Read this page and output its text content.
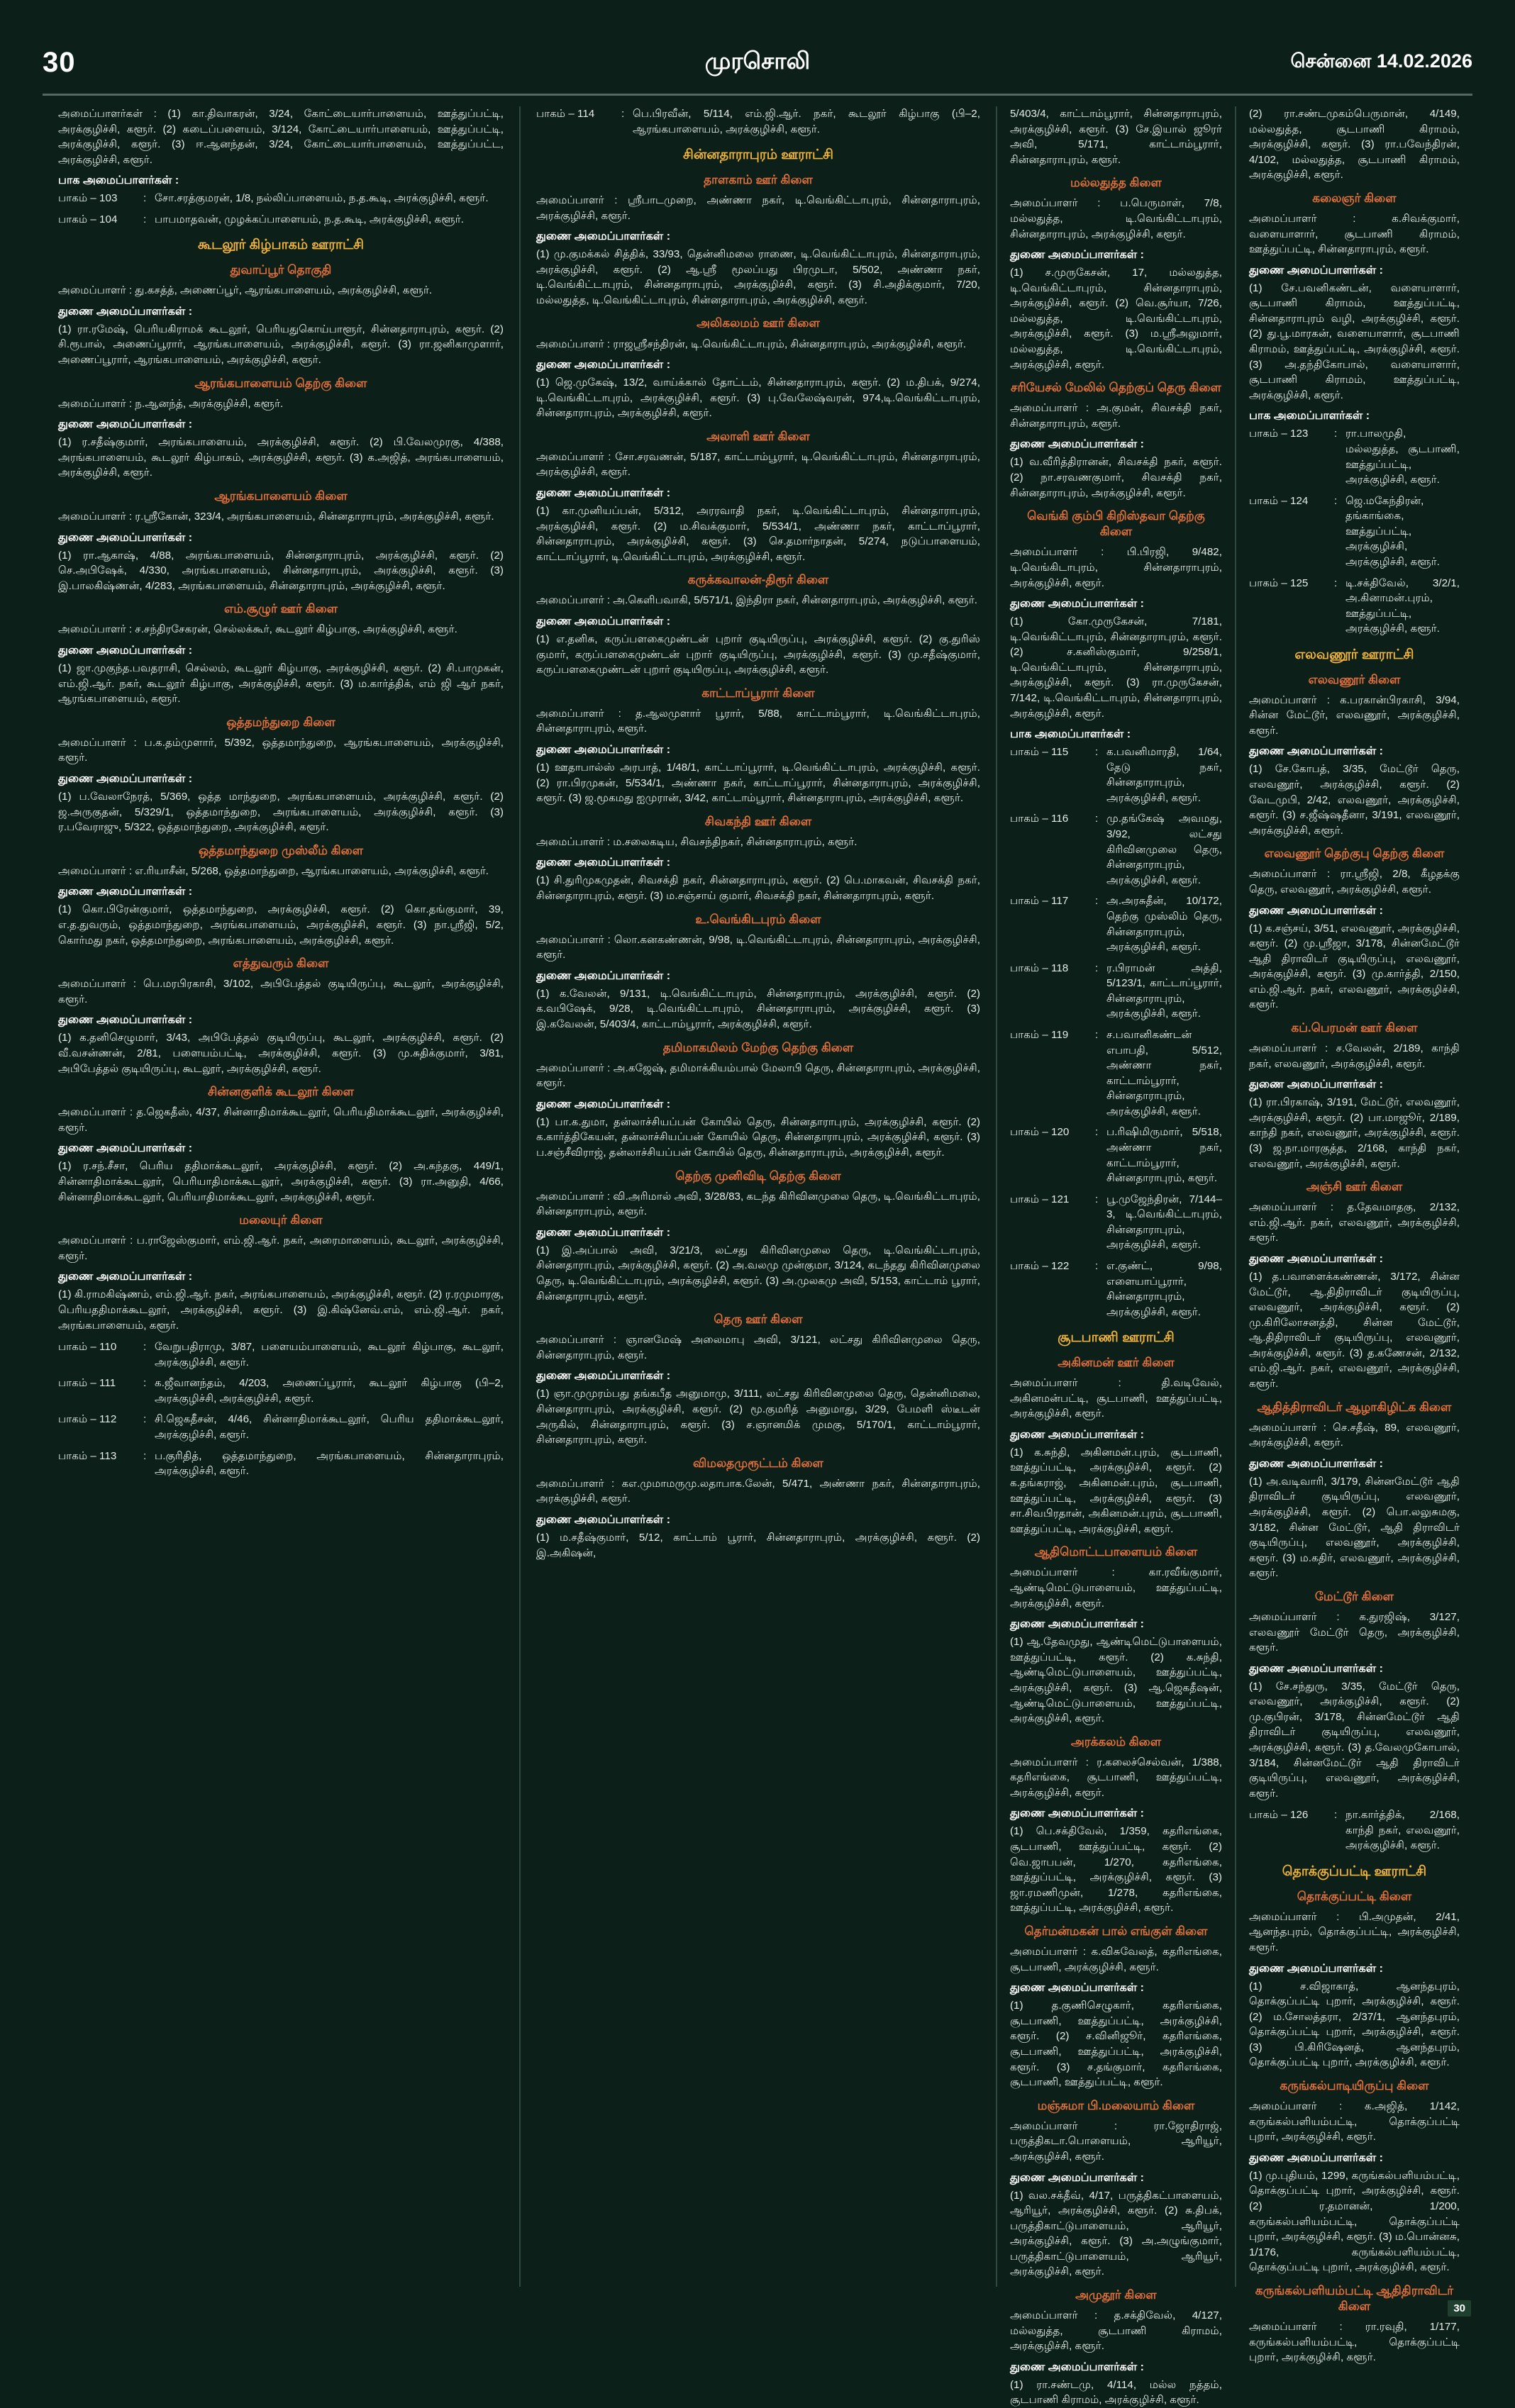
30	முரசொலி	சென்னை 14.02.2026

அமைப்பாளர்கள் : (1) கா.திவாகரன், 3/24, கோட்டையார்பாளையம், ஊத்துப்பட்டி, அரக்குழிச்சி, களூர். (2) கடைப்பளையம், 3/124, கோட்டையார்பாளையம், ஊத்துப்பட்டி, அரக்குழிச்சி, களூர். (3) ஈ.ஆனந்தன், 3/24, கோட்டையார்பாளையம், ஊத்துப்பட்ட, அரக்குழிச்சி, களூர்.

பாக அமைப்பாளர்கள் :
பாகம் – 103	: சோ.சரத்குமரன், 1/8, நல்லிப்பாளையம், ந.த.கூடி, அரக்குழிச்சி, களூர்.
பாகம் – 104	: பாபமாதவன், முழக்கப்பாளையம், ந.த.கூடி, அரக்குழிச்சி, களூர்.
கூடலூர் கிழ்பாகம் ஊராட்சி
துவாப்பூர் தொகுதி

அமைப்பாளர் : து.கசத்த், அணைப்பூர், ஆரங்கபாளையம், அரக்குழிச்சி, களூர்.

துணை அமைப்பாளர்கள் :

(1) ரா.ரமேஷ், பெரியகிராமக் கூடலூர், பெரியதுகொய்பாளூர், சின்னதாராபுரம், களூர். (2) சி.ரூபால், அணைப்பூரார், ஆரங்கபாளையம், அரக்குழிச்சி, களூர். (3) ரா.ஜனிகாமுளார், அணைப்பூரார், ஆரங்கபாளையம், அரக்குழிச்சி, களூர்.

ஆரங்கபாளையம் தெற்கு கிளை

அமைப்பாளர் : ந.ஆனந்த், அரக்குழிச்சி, களூர்.

துணை அமைப்பாளர்கள் :

(1) ர.சதீஷ்குமார், அரங்கபாளையம், அரக்குழிச்சி, களூர். (2) பி.வேலமுரகு, 4/388, அரங்கபாளையம், கூடலூர் கிழ்பாகம், அரக்குழிச்சி, களூர். (3) க.அஜித், அரங்கபாளையம், அரக்குழிச்சி, களூர்.

ஆரங்கபாளையம் கிளை

அமைப்பாளர் : ர.ஸ்ரீகோன், 323/4, அரங்கபாளையம், சின்னதாராபுரம், அரக்குழிச்சி, களூர்.

துணை அமைப்பாளர்கள் :

(1) ரா.ஆகாஷ், 4/88, அரங்கபாளையம், சின்னதாராபுரம், அரக்குழிச்சி, களூர். (2) செ.அபிஷேக், 4/330, அரங்கபாளையம், சின்னதாராபுரம், அரக்குழிச்சி, களூர். (3) இ.பாலகிஷ்ணன், 4/283, அரங்கபாளையம், சின்னதாராபுரம், அரக்குழிச்சி, களூர்.

எம்.சூழுர் ஊர் கிளை

அமைப்பாளர் : ச.சந்திரசேகரன், செல்லக்கூர், கூடலூர் கிழ்பாகு, அரக்குழிச்சி, களூர்.

துணை அமைப்பாளர்கள் :

(1) ஜா.முகுந்த.பவதராசி, செல்லம், கூடலூர் கிழ்பாகு, அரக்குழிச்சி, களூர். (2) சி.பாமுகன், எம்.ஜி.ஆர். நகர், கூடலூர் கிழ்பாகு, அரக்குழிச்சி, களூர். (3) ம.கார்த்திக், எம் ஜி ஆர் நகர், ஆரங்கபாளையம், களூர்.

ஒத்தமந்துறை கிளை

அமைப்பாளர் : ப.க.தம்முளார், 5/392, ஒத்தமாந்துறை, ஆரங்கபாளையம், அரக்குழிச்சி, களூர்.

துணை அமைப்பாளர்கள் :

(1) ப.வேலாநேரத், 5/369, ஒத்த மாந்துறை, அரங்கபாளையம், அரக்குழிச்சி, களூர். (2) ஜ.அருகுதன், 5/329/1, ஒத்தமாந்துறை, அரங்கபாளையம், அரக்குழிச்சி, களூர். (3) ர.பவேராஜு, 5/322, ஒத்தமாந்துறை, அரக்குழிச்சி, களூர்.

ஒத்தமாந்துறை முஸ்லீம் கிளை

அமைப்பாளர் : எ.ரியாசீன், 5/268, ஒத்தமாந்துறை, ஆரங்கபாளையம், அரக்குழிச்சி, களூர்.

துணை அமைப்பாளர்கள் :

(1) கொ.பிரேன்குமார், ஒத்தமாந்துறை, அரக்குழிச்சி, களூர். (2) கொ.தங்குமார், 39, எ.த.துவரும், ஒத்தமாந்துறை, அரங்கபாளையம், அரக்குழிச்சி, களூர். (3) நா.ஸ்ரீஜி, 5/2, கொர்மது நகர், ஒத்தமாந்துறை, அரங்கபாளையம், அரக்குழிச்சி, களூர்.

எத்துவரும் கிளை

அமைப்பாளர் : பெ.மரபிரகாசி, 3/102, அபிபேத்தல் குடியிருப்பு, கூடலூர், அரக்குழிச்சி, களூர்.

துணை அமைப்பாளர்கள் :

(1) க.தனிசெழுமார், 3/43, அபிபேத்தல் குடியிருப்பு, கூடலூர், அரக்குழிச்சி, களூர். (2) வீ.வசன்ணன், 2/81, பளையம்பட்டி, அரக்குழிச்சி, களூர். (3) மு.சுதிக்குமார், 3/81, அபிபேத்தல் குடியிருப்பு, கூடலூர், அரக்குழிச்சி, களூர்.

சின்னகுளிக் கூடலூர் கிளை

அமைப்பாளர் : த.ஜெகதீஸ், 4/37, சின்னாதிமாக்கூடலூர், பெரியதிமாக்கூடலூர், அரக்குழிச்சி, களூர்.

துணை அமைப்பாளர்கள் :

(1) ர.சந்.சீசா, பெரிய ததிமாக்கூடலூர், அரக்குழிச்சி, களூர். (2) அ.கந்தகு, 449/1, சின்னாதிமாக்கூடலூர், பெரியாதிமாக்கூடலூர், அரக்குழிச்சி, களூர். (3) ரா.அனுதி, 4/66, சின்னாதிமாக்கூடலூர், பெரியாதிமாக்கூடலூர், அரக்குழிச்சி, களூர்.

மலையுர் கிளை

அமைப்பாளர் : ப.ராஜேஸ்குமார், எம்.ஜி.ஆர். நகர், அரைமாளையம், கூடலூர், அரக்குழிச்சி, களூர்.

துணை அமைப்பாளர்கள் :

(1) கி.ராமகிஷ்ணம், எம்.ஜி.ஆர். நகர், அரங்கபாளையம், அரக்குழிச்சி, களூர். (2) ர.ரமுமாரகு, பெரியததிமாக்கூடலூர், அரக்குழிச்சி, களூர். (3) இ.கிஷ்னேவ்.எம், எம்.ஜி.ஆர். நகர், அரங்கபாளையம், களூர்.

பாகம் – 110	: வேறுபதிராமு, 3/87, பளையம்பாளையம், கூடலூர் கிழ்பாகு, கூடலூர், அரக்குழிச்சி, களூர்.
பாகம் – 111	: க.ஜீவானந்தம், 4/203, அணைப்பூரார், கூடலூர் கிழ்பாகு (பி–2, அரக்குழிச்சி, அரக்குழிச்சி, களூர்.
பாகம் – 112	: சி.ஜெகதீசன், 4/46, சின்னாதிமாக்கூடலூர், பெரிய ததிமாக்கூடலூர், அரக்குழிச்சி, களூர்.
பாகம் – 113	: ப.குரிதித், ஒத்தமாந்துறை, அரங்கபாளையம், சின்னதாராபுரம், அரக்குழிச்சி, களூர்.
பாகம் – 114	: பெ.பிரவீன், 5/114, எம்.ஜி.ஆர். நகர், கூடலூர் கிழ்பாகு (பி–2, ஆரங்கபாளையம், அரக்குழிச்சி, களூர்.
சின்னதாராபுரம் ஊராட்சி
தாளகாம் ஊர் கிளை

அமைப்பாளர் : ஸ்ரீபாடமுறை, அண்ணா நகர், டி.வெங்கிட்டாபுரம், சின்னதாராபுரம், அரக்குழிச்சி, களூர்.

துணை அமைப்பாளர்கள் :

(1) மு.குமக்கல் சித்திக், 33/93, தென்னிமலை ராணை, டி.வெங்கிட்டாபுரம், சின்னதாராபுரம், அரக்குழிச்சி, களூர். (2) ஆ.ஸ்ரீ மூலப்பது பிரமுடா, 5/502, அண்ணா நகர், டி.வெங்கிட்டாபுரம், சின்னதாராபுரம், அரக்குழிச்சி, களூர். (3) சி.அதிக்குமார், 7/20, மல்லதுத்த, டி.வெங்கிட்டாபுரம், சின்னதாராபுரம், அரக்குழிச்சி, களூர்.

அலிகலமம் ஊர் கிளை

அமைப்பாளர் : ராஜஸ்ரீசந்திரன், டி.வெங்கிட்டாபுரம், சின்னதாராபுரம், அரக்குழிச்சி, களூர்.

துணை அமைப்பாளர்கள் :

(1) ஜெ.முகேஷ், 13/2, வாய்க்கால் தோட்டம், சின்னதாராபுரம், களூர். (2) ம.திபக், 9/274, டி.வெங்கிட்டாபுரம், அரக்குழிச்சி, களூர். (3) பு.வேலேஷ்வரன், 974,டி.வெங்கிட்டாபுரம், சின்னதாராபுரம், அரக்குழிச்சி, களூர்.

அலாளி ஊர் கிளை

அமைப்பாளர் : சோ.சரவணன், 5/187, காட்டாம்பூரார், டி.வெங்கிட்டாபுரம், சின்னதாராபுரம், அரக்குழிச்சி, களூர்.

துணை அமைப்பாளர்கள் :

(1) கா.முனியப்பன், 5/312, அரரவாதி நகர், டி.வெங்கிட்டாபுரம், சின்னதாராபுரம், அரக்குழிச்சி, களூர். (2) ம.சிவக்குமார், 5/534/1, அண்ணா நகர், காட்டாப்பூரார், சின்னதாராபுரம், அரக்குழிச்சி, களூர். (3) செ.தமார்நாதன், 5/274, நடுப்பாளையம், காட்டாப்பூரார், டி.வெங்கிட்டாபுரம், அரக்குழிச்சி, களூர்.

கருக்கவாலன்-திரூர் கிளை

அமைப்பாளர் : அ.கெளிபவாகி, 5/571/1, இந்திரா நகர், சின்னதாராபுரம், அரக்குழிச்சி, களூர்.

துணை அமைப்பாளர்கள் :

(1) எ.தனிசு, கருப்பளகைமுண்டன் புறார் குடியிருப்பு, அரக்குழிச்சி, களூர். (2) கு.துரிஸ் குமார், கருப்பளகைமுண்டன் புறார் குடியிருப்பு, அரக்குழிச்சி, களூர். (3) மு.சதீஷ்குமார், கருப்பளகைமுண்டன் புறார் குடியிருப்பு, அரக்குழிச்சி, களூர்.

காட்டாப்பூரார் கிளை

அமைப்பாளர் : த.ஆலமுளார் பூரார், 5/88, காட்டாம்பூரார், டி.வெங்கிட்டாபுரம், சின்னதாராபுரம், களூர்.

துணை அமைப்பாளர்கள் :

(1) ஊதாபால்ஸ் அரபாத், 1/48/1, காட்டாப்பூரார், டி.வெங்கிட்டாபுரம், அரக்குழிச்சி, களூர். (2) ரா.பிரமுகன், 5/534/1, அண்ணா நகர், காட்டாப்பூரார், சின்னதாராபுரம், அரக்குழிச்சி, களூர். (3) ஜ.மூகமது ஐமுரான், 3/42, காட்டாம்பூரார், சின்னதாராபுரம், அரக்குழிச்சி, களூர்.

சிவகந்தி ஊர் கிளை

அமைப்பாளர் : ம.சலைகடிய, சிவசந்திநகர், சின்னதாராபுரம், களூர்.

துணை அமைப்பாளர்கள் :

(1) சி.துரிமுகமுதன், சிவசக்தி நகர், சின்னதாராபுரம், களூர். (2) பெ.மாகவன், சிவசக்தி நகர், சின்னதாராபுரம், களூர். (3) ம.சஞ்சாய் குமார், சிவசக்தி நகர், சின்னதாராபுரம், களூர்.

உ.வெங்கிடபுரம் கிளை

அமைப்பாளர் : லொ.கனகண்ணன், 9/98, டி.வெங்கிட்டாபுரம், சின்னதாராபுரம், அரக்குழிச்சி, களூர்.

துணை அமைப்பாளர்கள் :

(1) க.வேலன், 9/131, டி.வெங்கிட்டாபுரம், சின்னதாராபுரம், அரக்குழிச்சி, களூர். (2) க.வபிஷேக், 9/28, டி.வெங்கிட்டாபுரம், சின்னதாராபுரம், அரக்குழிச்சி, களூர். (3) இ.கவேலன், 5/403/4, காட்டாம்பூரார், அரக்குழிச்சி, களூர்.

தமிமாகமிலம் மேற்கு தெற்கு கிளை

அமைப்பாளர் : அ.கஜேஷ், தமிமாக்கியம்பால் மேலாபி தெரு, சின்னதாராபுரம், அரக்குழிச்சி, களூர்.

துணை அமைப்பாளர்கள் :

(1) பா.க.துமா, தன்லாச்சியப்பன் கோயில் தெரு, சின்னதாராபுரம், அரக்குழிச்சி, களூர். (2) க.கார்த்திகேயன், தன்லாச்சியப்பன் கோயில் தெரு, சின்னதாராபுரம், அரக்குழிச்சி, களூர். (3) ப.சஞ்சீவிராஜ், தன்லாச்சியப்பன் கோயில் தெரு, சின்னதாராபுரம், அரக்குழிச்சி, களூர்.

தெற்கு முனிவிடி தெற்கு கிளை

அமைப்பாளர் : வி.அரிமால் அவி, 3/28/83, கடந்த கிரிவினமுலை தெரு, டி.வெங்கிட்டாபுரம், சின்னதாராபுரம், களூர்.

துணை அமைப்பாளர்கள் :

(1) இ.அப்பால் அவி, 3/21/3, லட்சது கிரிவினமுலை தெரு, டி.வெங்கிட்டாபுரம், சின்னதாராபுரம், அரக்குழிச்சி, களூர். (2) அ.வலமு முன்குமா, 3/124, கடந்தது கிரிவினமுலை தெரு, டி.வெங்கிட்டாபுரம், அரக்குழிச்சி, களூர். (3) அ.முலகமு அவி, 5/153, காட்டாம் பூரார், சின்னதாராபுரம், களூர்.

தெரு ஊர் கிளை

அமைப்பாளர் : ஞானமேஷ் அலைமாபு அவி, 3/121, லட்சது கிரிவினமுலை தெரு, சின்னதாராபுரம், களூர்.

துணை அமைப்பாளர்கள் :

(1) ஞா.முமுரம்பது தங்கபீத அனுமாமு, 3/111, லட்சது கிரிவினமுலை தெரு, தென்னிமலை, சின்னதாராபுரம், அரக்குழிச்சி, களூர். (2) மூ.குமரித் அனுமாது, 3/29, பேமளி ஸ்டீடன் அருகில், சின்னதாராபுரம், களூர். (3) ச.ஞானமிக் முமகு, 5/170/1, காட்டாம்பூரார், சின்னதாராபுரம், களூர்.

விமலதமுரூட்டம் கிளை

அமைப்பாளர் : கஎ.முமாமருமு.லதாபாக.லேன், 5/471, அண்ணா நகர், சின்னதாராபுரம், அரக்குழிச்சி, களூர்.

துணை அமைப்பாளர்கள் :

(1) ம.சதீஷ்குமார், 5/12, காட்டாம் பூரார், சின்னதாராபுரம், அரக்குழிச்சி, களூர். (2) இ.அகிஷன்,

5/403/4, காட்டாம்பூரார், சின்னதாராபுரம், அரக்குழிச்சி, களூர். (3) சே.இயால் ஜூரர் அவி, 5/171, காட்டாம்பூரார், சின்னதாராபுரம், களூர்.

மல்லதுத்த கிளை

அமைப்பாளர் : ப.பெருமாள், 7/8, மல்லதுத்த, டி.வெங்கிட்டாபுரம், சின்னதாராபுரம், அரக்குழிச்சி, களூர்.

துணை அமைப்பாளர்கள் :

(1) ச.முருகேசன், 17, மல்லதுத்த, டி.வெங்கிட்டாபுரம், சின்னதாராபுரம், அரக்குழிச்சி, களூர். (2) வெ.சூர்யா, 7/26, மல்லதுத்த, டி.வெங்கிட்டாபுரம், அரக்குழிச்சி, களூர். (3) ம.ஸ்ரீஅலுமார், மல்லதுத்த, டி.வெங்கிட்டாபுரம், அரக்குழிச்சி, களூர்.

சரியேசல் மேலில் தெற்குப் தெரு கிளை

அமைப்பாளர் : அ.குமன், சிவசக்தி நகர், சின்னதாராபுரம், களூர்.

துணை அமைப்பாளர்கள் :

(1) வ.வீரித்திரானன், சிவசக்தி நகர், களூர். (2) நா.சரவணகுமார், சிவசக்தி நகர், சின்னதாராபுரம், அரக்குழிச்சி, களூர்.

வெங்கி கும்பி கிறிஸ்தவா தெற்கு கிளை

அமைப்பாளர் : பி.பிரஜி, 9/482, டி.வெங்கிடாபுரம், சின்னதாராபுரம், அரக்குழிச்சி, களூர்.

துணை அமைப்பாளர்கள் :

(1) கோ.முருகேசன், 7/181, டி.வெங்கிட்டாபுரம், சின்னதாராபுரம், களூர். (2) ச.கனிஸ்குமார், 9/258/1, டி.வெங்கிட்டாபுரம், சின்னதாராபுரம், அரக்குழிச்சி, களூர். (3) ரா.முருகேசன், 7/142, டி.வெங்கிட்டாபுரம், சின்னதாராபுரம், அரக்குழிச்சி, களூர்.

பாக அமைப்பாளர்கள் :
பாகம் – 115	: க.பவனிமாரதி, 1/64, தேடு நகர், சின்னதாராபுரம், அரக்குழிச்சி, களூர்.
பாகம் – 116	: மு.தங்கேஷ் அவமது, 3/92, லட்சது கிரிவினமுலை தெரு, சின்னதாராபுரம், அரக்குழிச்சி, களூர்.
பாகம் – 117	: அ.அரசுதீன், 10/172, தெற்கு முஸ்லிம் தெரு, சின்னதாராபுரம், அரக்குழிச்சி, களூர்.
பாகம் – 118	: ர.பிராமன் அத்தி, 5/123/1, காட்டாப்பூரார், சின்னதாராபுரம், அரக்குழிச்சி, களூர்.
பாகம் – 119	: ச.பவானிகண்டன் எபாபதி, 5/512, அண்ணா நகர், காட்டாம்பூரார், சின்னதாராபுரம், அரக்குழிச்சி, களூர்.
பாகம் – 120	: ப.ரிஷிமிருமார், 5/518, அண்ணா நகர், காட்டாம்பூரார், சின்னதாராபுரம், களூர்.
பாகம் – 121	: பூ.முஜேந்திரன், 7/144–3, டி.வெங்கிட்டாபுரம், சின்னதாராபுரம், அரக்குழிச்சி, களூர்.
பாகம் – 122	: எ.குண்ட், 9/98, எளையாப்பூரார், சின்னதாராபுரம், அரக்குழிச்சி, களூர்.
சூடபாணி ஊராட்சி
அகினமன் ஊர் கிளை

அமைப்பாளர் : தி.வடிவேல், அகினமன்பட்டி, சூடபாணி, ஊத்துப்பட்டி, அரக்குழிச்சி, களூர்.

துணை அமைப்பாளர்கள் :

(1) க.சுந்தி, அகினமன்.புரம், சூடபாணி, ஊத்துப்பட்டி, அரக்குழிச்சி, களூர். (2) க.தங்கராஜ், அகினமன்.புரம், சூடபாணி, ஊத்துப்பட்டி, அரக்குழிச்சி, களூர். (3) சா.சிவபிரதான், அகினமன்.புரம், சூடபாணி, ஊத்துப்பட்டி, அரக்குழிச்சி, களூர்.

ஆதிமொட்டபாளையம் கிளை

அமைப்பாளர் : கா.ரவீங்குமார், ஆண்டிமெட்டுபாளையம், ஊத்துப்பட்டி, அரக்குழிச்சி, களூர்.

துணை அமைப்பாளர்கள் :

(1) ஆ.தேவமுது, ஆண்டிமெட்டுபாளையம், ஊத்துப்பட்டி, களூர். (2) க.சுந்தி, ஆண்டிமெட்டுபாளையம், ஊத்துப்பட்டி, அரக்குழிச்சி, களூர். (3) ஆ.ஜெகதீஷன், ஆண்டிமெட்டுபாளையம், ஊத்துப்பட்டி, அரக்குழிச்சி, களூர்.

அரக்கலம் கிளை

அமைப்பாளர் : ர.கலைச்செல்வன், 1/388, கதரிஎங்கை, சூடபாணி, ஊத்துப்பட்டி, அரக்குழிச்சி, களூர்.

துணை அமைப்பாளர்கள் :

(1) பெ.சக்திவேல், 1/359, கதரிஎங்கை, சூடபாணி, ஊத்துப்பட்டி, களூர். (2) வெ.ஜாபபன், 1/270, கதரிஎங்கை, ஊத்துப்பட்டி, அரக்குழிச்சி, களூர். (3) ஜா.ரமணிமுன், 1/278, கதரிஎங்கை, ஊத்துப்பட்டி, அரக்குழிச்சி, களூர்.

தெர்மன்மகன் பால் எங்குள் கிளை

அமைப்பாளர் : க.விசுவேலத், கதரிஎங்கை, சூடபாணி, அரக்குழிச்சி, களூர்.

துணை அமைப்பாளர்கள் :

(1) த.குணிசெழுகார், கதரிஎங்கை, சூடபாணி, ஊத்துப்பட்டி, அரக்குழிச்சி, களூர். (2) ச.வினிஜூர், கதரிஎங்கை, சூடபாணி, ஊத்துப்பட்டி, அரக்குழிச்சி, களூர். (3) ச.தங்குமார், கதரிஎங்கை, சூடபாணி, ஊத்துப்பட்டி, களூர்.

மஞ்சுமா பி.மலையாம் கிளை

அமைப்பாளர் : ரா.ஜோதிராஜ், பருத்திகடா.பொளையம், ஆரியூர், அரக்குழிச்சி, களூர்.

துணை அமைப்பாளர்கள் :

(1) வல.சக்தீவ், 4/17, பருத்திகட்பாளையம், ஆரியூர், அரக்குழிச்சி, களூர். (2) சு.திபக், பருத்திகாட்டுபாளையம், ஆரியூர், அரக்குழிச்சி, களூர். (3) அ.அழுங்குமார், பருத்திகாட்டுபாளையம், ஆரியூர், அரக்குழிச்சி, களூர்.

அமுதூர் கிளை

அமைப்பாளர் : த.சக்திவேல், 4/127, மல்லதுத்த, சூடபாணி கிராமம், அரக்குழிச்சி, களூர்.

துணை அமைப்பாளர்கள் :

(1) ரா.சண்டமு, 4/114, மல்ல நத்தம், சூடபாணி கிராமம், அரக்குழிச்சி, களூர்.

(2) ரா.சண்டமுகம்பெருமான், 4/149, மல்லதுத்த, சூடபாணி கிராமம், அரக்குழிச்சி, களூர். (3) ரா.பவேந்திரன், 4/102, மல்லதுத்த, சூடபாணி கிராமம், அரக்குழிச்சி, களூர்.

கலைஞர் கிளை

அமைப்பாளர் : க.சிவக்குமார், வளையாளார், சூடபாணி கிராமம், ஊத்துப்பட்டி, சின்னதாராபுரம், களூர்.

துணை அமைப்பாளர்கள் :

(1) சே.பவனிகண்டன், வளையாளார், சூடபாணி கிராமம், ஊத்துப்பட்டி, சின்னதாராபுரம் வழி, அரக்குழிச்சி, களூர். (2) து.பூ.மாரகன், வளையாளார், சூடபாணி கிராமம், ஊத்துப்பட்டி, அரக்குழிச்சி, களூர். (3) அ.தந்திகோபால், வளையாளார், சூடபாணி கிராமம், ஊத்துப்பட்டி, அரக்குழிச்சி, களூர்.

பாக அமைப்பாளர்கள் :
பாகம் – 123	: ரா.பாலமுதி, மல்லதுத்த, சூடபாணி, ஊத்துப்பட்டி, அரக்குழிச்சி, களூர்.
பாகம் – 124	: ஜெ.மகேந்திரன், தங்காங்கை, ஊத்துப்பட்டி, அரக்குழிச்சி, அரக்குழிச்சி, களூர்.
பாகம் – 125	: டி.சக்திவேல், 3/2/1, அ.கினாமன்.புரம், ஊத்துப்பட்டி, அரக்குழிச்சி, களூர்.
எலவணூர் ஊராட்சி
எலவணூர் கிளை

அமைப்பாளர் : க.பரகான்பிரகாசி, 3/94, சின்ன மேட்டூர், எலவணூர், அரக்குழிச்சி, களூர்.

துணை அமைப்பாளர்கள் :

(1) சே.கோபத், 3/35, மேட்டூர் தெரு, எலவணூர், அரக்குழிச்சி, களூர். (2) வேடமுபி, 2/42, எலவணூர், அரக்குழிச்சி, களூர். (3) ச.ஜீஷ்ஷதீனா, 3/191, எலவணூர், அரக்குழிச்சி, களூர்.

எலவணூர் தெற்குபு தெற்கு கிளை

அமைப்பாளர் : ரா.ஸ்ரீஜி, 2/8, கீழதக்கு தெரு, எலவணூர், அரக்குழிச்சி, களூர்.

துணை அமைப்பாளர்கள் :

(1) க.சஞ்சய், 3/51, எலவணூர், அரக்குழிச்சி, களூர். (2) மு.ஸ்ரீஜா, 3/178, சின்னமேட்டூர் ஆதி திராவிடர் குடியிருப்பு, எலவணூர், அரக்குழிச்சி, களூர். (3) மு.கார்த்தி, 2/150, எம்.ஜி.ஆர். நகர், எலவணூர், அரக்குழிச்சி, களூர்.

கப்.பெரமன் ஊர் கிளை

அமைப்பாளர் : ச.வேலன், 2/189, காந்தி நகர், எலவணூர், அரக்குழிச்சி, களூர்.

துணை அமைப்பாளர்கள் :

(1) ரா.பிரகாஷ், 3/191, மேட்டூர், எலவணூர், அரக்குழிச்சி, களூர். (2) பா.மாஜூர், 2/189, காந்தி நகர், எலவணூர், அரக்குழிச்சி, களூர். (3) ஜ.நா.மாரகுத்த, 2/168, காந்தி நகர், எலவணூர், அரக்குழிச்சி, களூர்.

அஞ்சி ஊர் கிளை

அமைப்பாளர் : த.தேவமாதகு, 2/132, எம்.ஜி.ஆர். நகர், எலவணூர், அரக்குழிச்சி, களூர்.

துணை அமைப்பாளர்கள் :

(1) த.பவாளைக்கண்ணன், 3/172, சின்ன மேட்டூர், ஆ.திதிராவிடர் குடியிருப்பு, எலவணூர், அரக்குழிச்சி, களூர். (2) மு.கிரிலோசனத்தி, சின்ன மேட்டூர், ஆ.திதிராவிடர் குடியிருப்பு, எலவணூர், அரக்குழிச்சி, களூர். (3) த.கணேசன், 2/132, எம்.ஜி.ஆர். நகர், எலவணூர், அரக்குழிச்சி, களூர்.

ஆதித்திராவிடர் ஆழாகிழிட்க கிளை

அமைப்பாளர் : செ.சதீஷ், 89, எலவணூர், அரக்குழிச்சி, களூர்.

துணை அமைப்பாளர்கள் :

(1) அ.வடிவாரி, 3/179, சின்னமேட்டூர் ஆதி திராவிடர் குடியிருப்பு, எலவணூர், அரக்குழிச்சி, களூர். (2) பொ.லலுசுமகு, 3/182, சின்ன மேட்டூர், ஆதி திராவிடர் குடியிருப்பு, எலவணூர், அரக்குழிச்சி, களூர். (3) ம.கதிர், எலவணூர், அரக்குழிச்சி, களூர்.

மேட்டூர் கிளை

அமைப்பாளர் : க.துரஜிஷ், 3/127, எலவணூர் மேட்டூர் தெரு, அரக்குழிச்சி, களூர்.

துணை அமைப்பாளர்கள் :

(1) சே.சந்துரு, 3/35, மேட்டூர் தெரு, எலவணூர், அரக்குழிச்சி, களூர். (2) மு.குபிரன், 3/178, சின்னமேட்டூர் ஆதி திராவிடர் குடியிருப்பு, எலவணூர், அரக்குழிச்சி, களூர். (3) த.வேலமுகோபால், 3/184, சின்னமேட்டூர் ஆதி திராவிடர் குடியிருப்பு, எலவணூர், அரக்குழிச்சி, களூர்.

பாகம் – 126	: நா.கார்த்திக், 2/168, காந்தி நகர், எலவணூர், அரக்குழிச்சி, களூர்.
தொக்குப்பட்டி ஊராட்சி
தொக்குப்பட்டி கிளை

அமைப்பாளர் : பி.அமுதன், 2/41, ஆனந்தபுரம், தொக்குப்பட்டி, அரக்குழிச்சி, களூர்.

துணை அமைப்பாளர்கள் :

(1) ச.விஜாகாத், ஆனந்தபுரம், தொக்குப்பட்டி புறார், அரக்குழிச்சி, களூர். (2) ம.சோலத்தரா, 2/37/1, ஆனந்தபுரம், தொக்குப்பட்டி புறார், அரக்குழிச்சி, களூர். (3) பி.கிரிஷேனத், ஆனந்தபுரம், தொக்குப்பட்டி புறார், அரக்குழிச்சி, களூர்.

கருங்கல்பாடியிருப்பு கிளை

அமைப்பாளர் : க.அஜித், 1/142, கருங்கல்பளியம்பட்டி, தொக்குப்பட்டி புறார், அரக்குழிச்சி, களூர்.

துணை அமைப்பாளர்கள் :

(1) மு.புதியம், 1299, கருங்கல்பளியம்பட்டி, தொக்குப்பட்டி புறார், அரக்குழிச்சி, களூர். (2) ர.தமானன், 1/200, கருங்கல்பளியம்பட்டி, தொக்குப்பட்டி புறார், அரக்குழிச்சி, களூர். (3) ம.பொன்னசு, 1/176, கருங்கல்பளியம்பட்டி, தொக்குப்பட்டி புறார், அரக்குழிச்சி, களூர்.

கருங்கல்பளியம்பட்டி ஆதிதிராவிடர் கிளை

அமைப்பாளர் : ரா.ரவுதி, 1/177, கருங்கல்பளியம்பட்டி, தொக்குப்பட்டி புறார், அரக்குழிச்சி, களூர்.

30
